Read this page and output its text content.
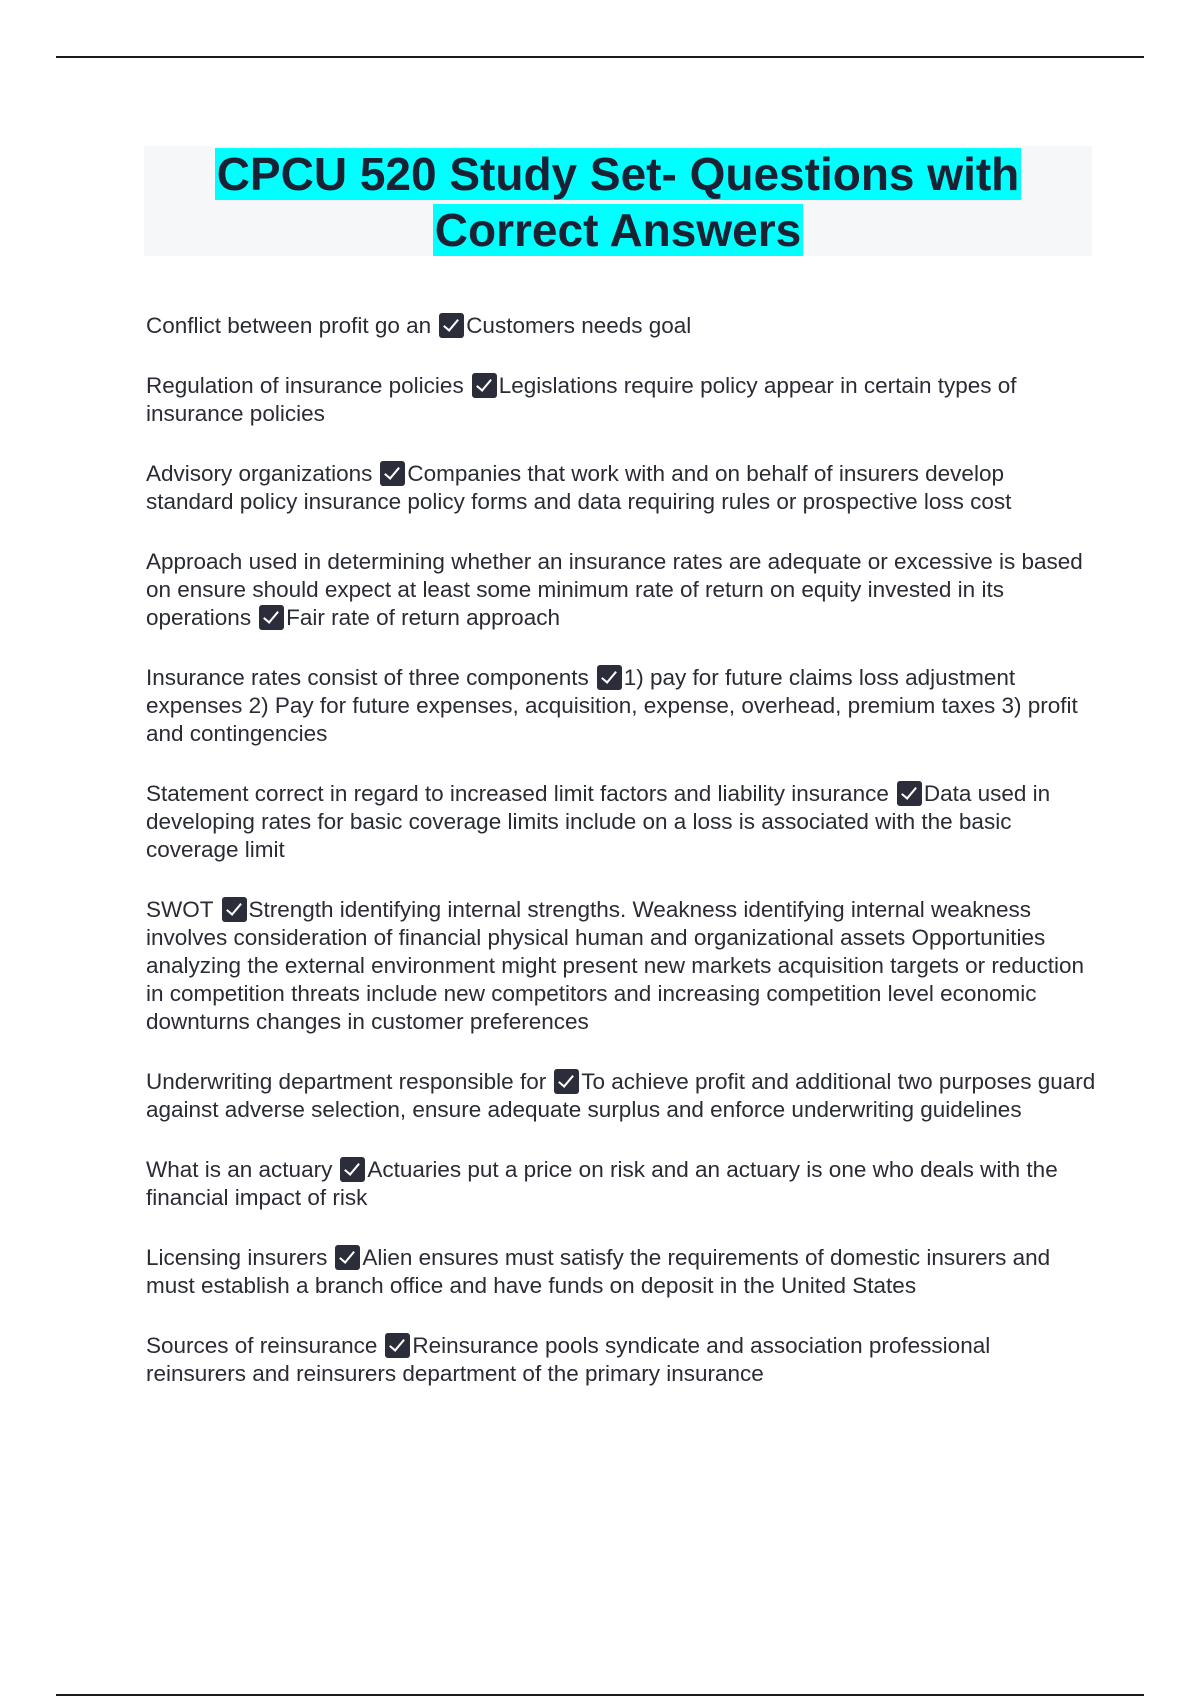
CPCU 520 Study Set- Questions with
Correct Answers

Conflict between profit go an Customers needs goal

Regulation of insurance policies Legislations require policy appear in certain types of insurance policies

Advisory organizations Companies that work with and on behalf of insurers develop standard policy insurance policy forms and data requiring rules or prospective loss cost

Approach used in determining whether an insurance rates are adequate or excessive is based on ensure should expect at least some minimum rate of return on equity invested in its operations Fair rate of return approach

Insurance rates consist of three components 1) pay for future claims loss adjustment expenses 2) Pay for future expenses, acquisition, expense, overhead, premium taxes 3) profit and contingencies

Statement correct in regard to increased limit factors and liability insurance Data used in developing rates for basic coverage limits include on a loss is associated with the basic coverage limit

SWOT Strength identifying internal strengths. Weakness identifying internal weakness involves consideration of financial physical human and organizational assets Opportunities analyzing the external environment might present new markets acquisition targets or reduction in competition threats include new competitors and increasing competition level economic downturns changes in customer preferences

Underwriting department responsible for To achieve profit and additional two purposes guard against adverse selection, ensure adequate surplus and enforce underwriting guidelines

What is an actuary Actuaries put a price on risk and an actuary is one who deals with the financial impact of risk

Licensing insurers Alien ensures must satisfy the requirements of domestic insurers and must establish a branch office and have funds on deposit in the United States

Sources of reinsurance Reinsurance pools syndicate and association professional reinsurers and reinsurers department of the primary insurance
